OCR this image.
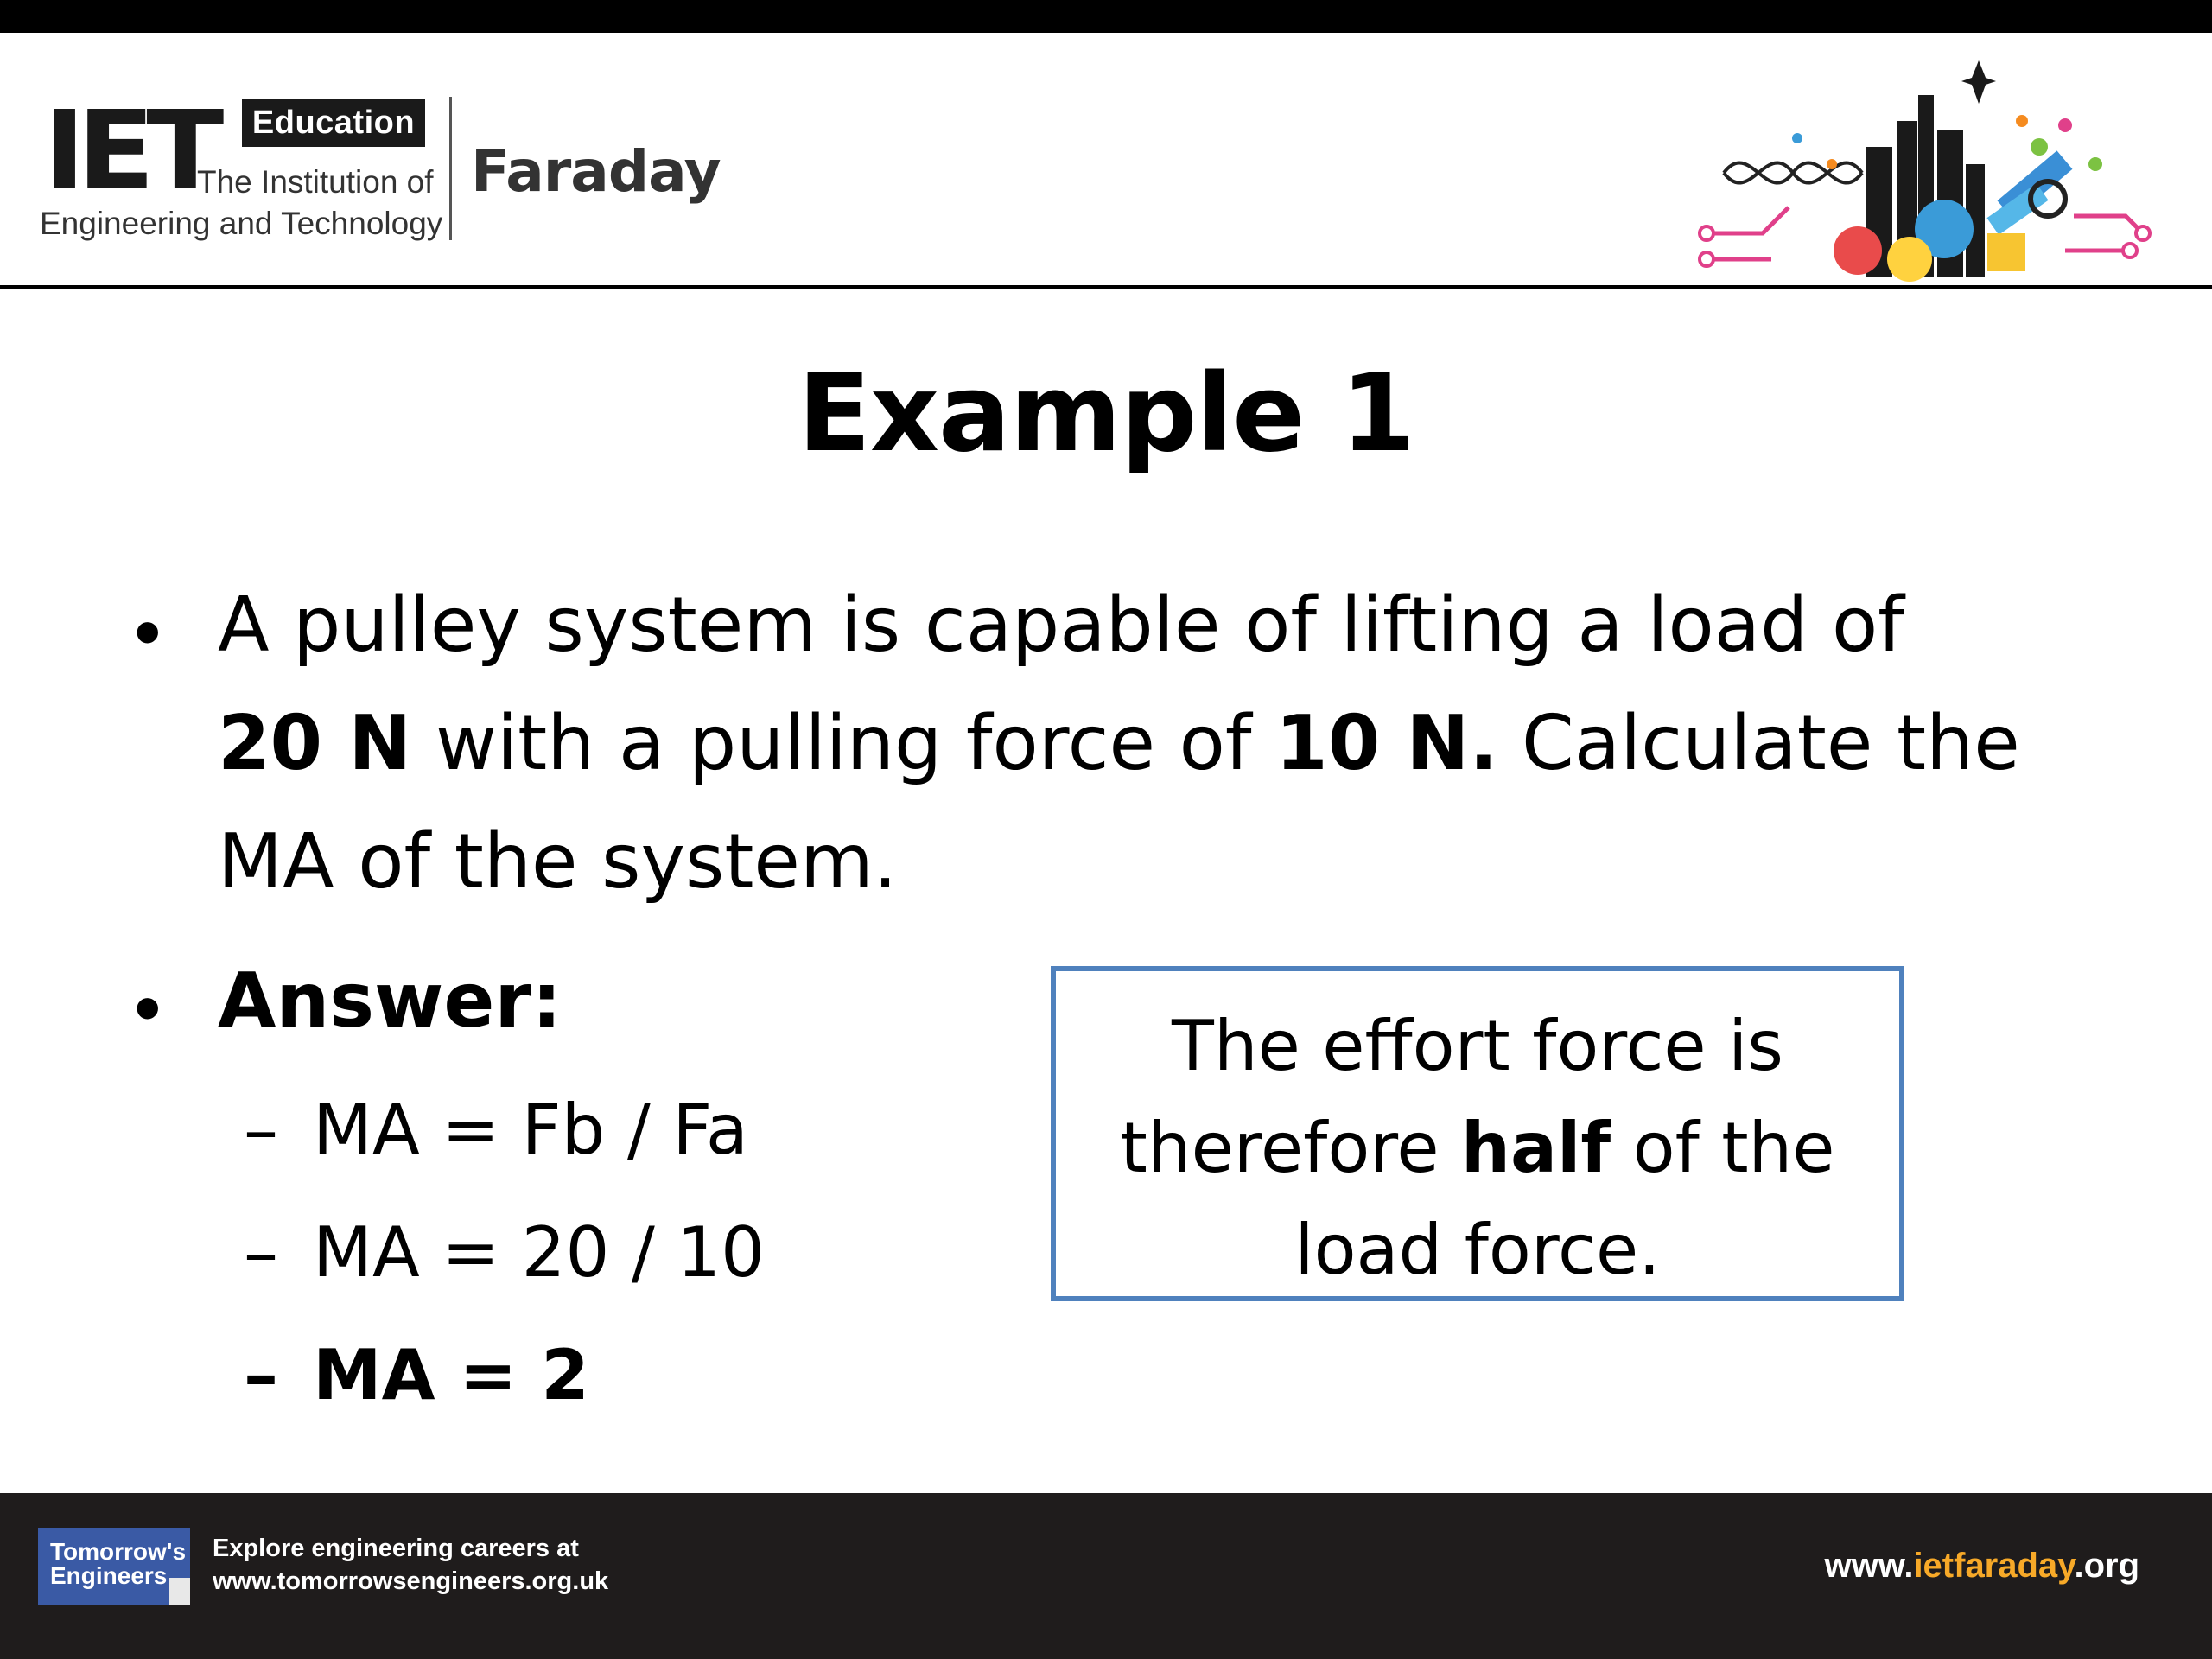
IET	Education
The Institution of
Engineering and Technology
Faraday
Example 1
• A pulley system is capable of lifting a load of
20 N with a pulling force of 10 N. Calculate the
MA of the system.
• Answer:
– MA = Fb / Fa
– MA = 20 / 10
– MA = 2
The effort force is
therefore half of the
load force.
Tomorrow's
Engineers
Explore engineering careers at
www.tomorrowsengineers.org.uk	www.ietfaraday.org
